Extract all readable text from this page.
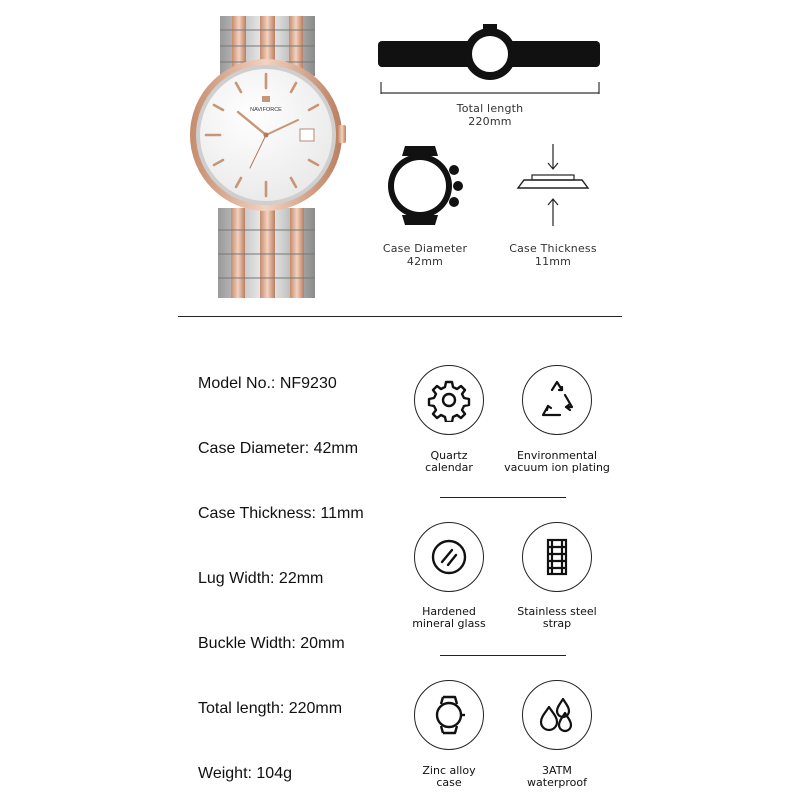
NAVIFORCE	Total length
220mm
Case Diameter
42mm
Case Thickness
11mm
Model No.: NF9230
Case Diameter: 42mm
Case Thickness: 11mm
Lug Width: 22mm
Buckle Width: 20mm
Total length: 220mm
Weight: 104g
Quartz
calendar
Environmental
vacuum ion plating
Hardened
mineral glass
Stainless steel
strap
Zinc alloy
case
3ATM
waterproof
